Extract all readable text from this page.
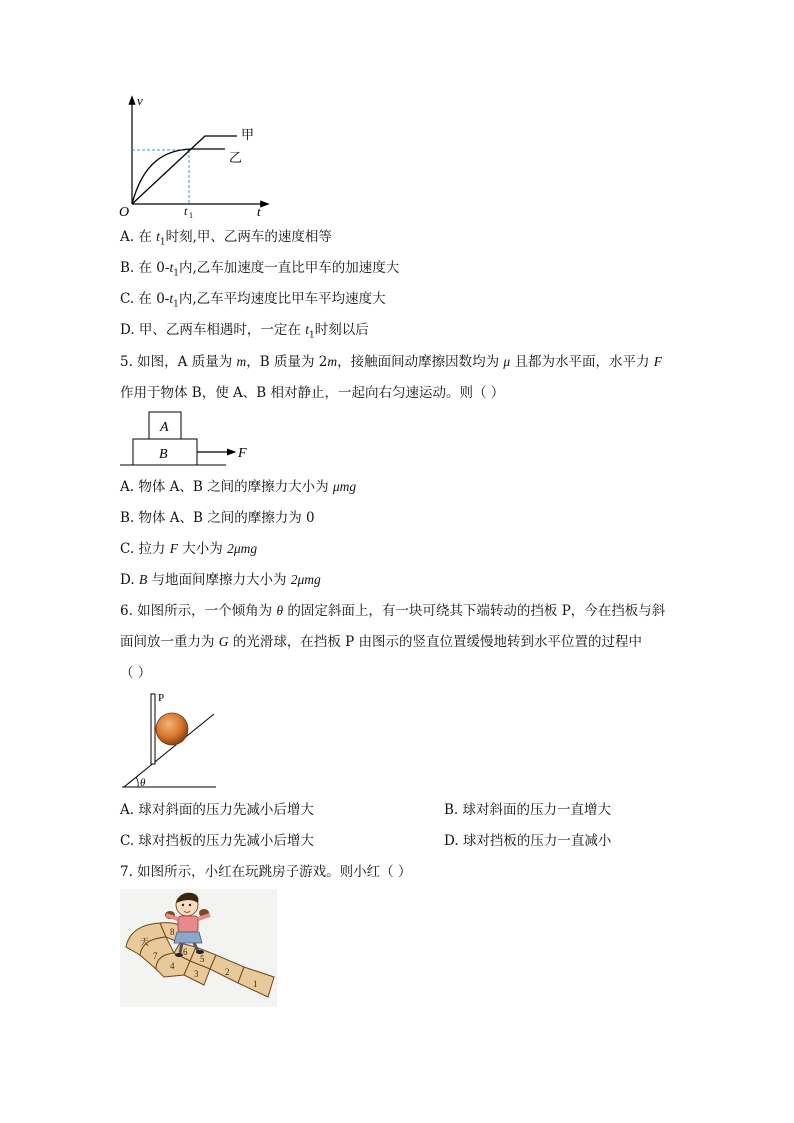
v
t
O	t 1
甲
乙
A. 在 $t_1$时刻,甲、乙两车的速度相等
B. 在 $0-t_1$内,乙车加速度一直比甲车的加速度大
C. 在 $0-t_1$内,乙车平均速度比甲车平均速度大
D. 甲、乙两车相遇时，一定在 $t_1$时刻以后
5. 如图，A 质量为 m，B 质量为 2m，接触面间动摩擦因数均为 μ 且都为水平面，水平力 F
作用于物体 B，使 A、B 相对静止，一起向右匀速运动。则（ ）
A
B	F
A. 物体 A、B 之间的摩擦力大小为 μmg
B. 物体 A、B 之间的摩擦力为 0
C. 拉力 F 大小为 2μmg
D. B 与地面间摩擦力大小为 2μmg
6. 如图所示，一个倾角为 θ 的固定斜面上，有一块可绕其下端转动的挡板 P，今在挡板与斜
面间放一重力为 G 的光滑球，在挡板 P 由图示的竖直位置缓慢地转到水平位置的过程中
（ ）
P
θ
A. 球对斜面的压力先减小后增大	B. 球对斜面的压力一直增大
C. 球对挡板的压力先减小后增大	D. 球对挡板的压力一直减小
7. 如图所示，小红在玩跳房子游戏。则小红（ ）
天
7
8
6
5
4
3	2
1
